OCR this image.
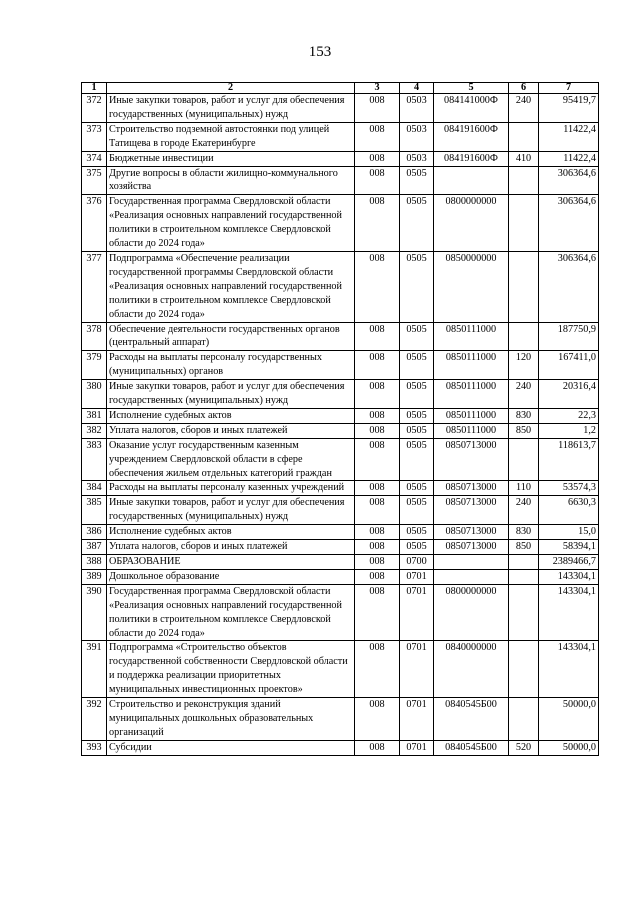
153
1	2	3	4	5	6	7
372	Иные закупки товаров, работ и услуг для обеспечения государственных (муниципальных) нужд	008	0503	084141000Ф	240	95419,7
373	Строительство подземной автостоянки под улицей Татищева в городе Екатеринбурге	008	0503	084191600Ф		11422,4
374	Бюджетные инвестиции	008	0503	084191600Ф	410	11422,4
375	Другие вопросы в области жилищно-коммунального хозяйства	008	0505			306364,6
376	Государственная программа Свердловской области «Реализация основных направлений государственной политики в строительном комплексе Свердловской области до 2024 года»	008	0505	0800000000		306364,6
377	Подпрограмма «Обеспечение реализации государственной программы Свердловской области «Реализация основных направлений государственной политики в строительном комплексе Свердловской области до 2024 года»	008	0505	0850000000		306364,6
378	Обеспечение деятельности государственных органов (центральный аппарат)	008	0505	0850111000		187750,9
379	Расходы на выплаты персоналу государственных (муниципальных) органов	008	0505	0850111000	120	167411,0
380	Иные закупки товаров, работ и услуг для обеспечения государственных (муниципальных) нужд	008	0505	0850111000	240	20316,4
381	Исполнение судебных актов	008	0505	0850111000	830	22,3
382	Уплата налогов, сборов и иных платежей	008	0505	0850111000	850	1,2
383	Оказание услуг государственным казенным учреждением Свердловской области в сфере обеспечения жильем отдельных категорий граждан	008	0505	0850713000		118613,7
384	Расходы на выплаты персоналу казенных учреждений	008	0505	0850713000	110	53574,3
385	Иные закупки товаров, работ и услуг для обеспечения государственных (муниципальных) нужд	008	0505	0850713000	240	6630,3
386	Исполнение судебных актов	008	0505	0850713000	830	15,0
387	Уплата налогов, сборов и иных платежей	008	0505	0850713000	850	58394,1
388	ОБРАЗОВАНИЕ	008	0700			2389466,7
389	Дошкольное образование	008	0701			143304,1
390	Государственная программа Свердловской области «Реализация основных направлений государственной политики в строительном комплексе Свердловской области до 2024 года»	008	0701	0800000000		143304,1
391	Подпрограмма «Строительство объектов государственной собственности Свердловской области и поддержка реализации приоритетных муниципальных инвестиционных проектов»	008	0701	0840000000		143304,1
392	Строительство и реконструкция зданий муниципальных дошкольных образовательных организаций	008	0701	0840545Б00		50000,0
393	Субсидии	008	0701	0840545Б00	520	50000,0
